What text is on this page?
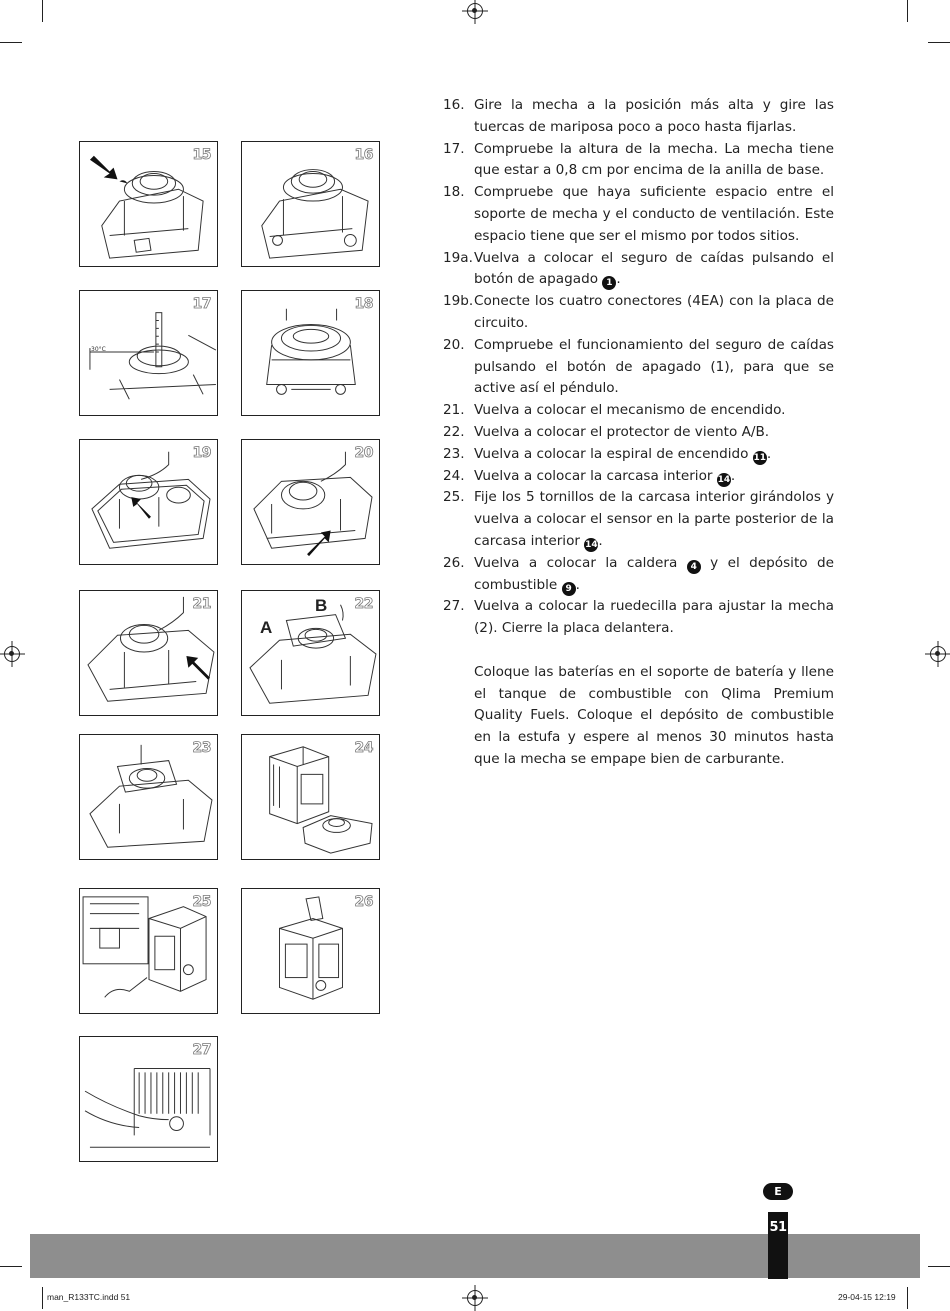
15	16
17
30°C
18
19	20
21	22
A
B
23	24
25	26
27
16. Gire la mecha a la posición más alta y gire las tuercas de mariposa poco a poco hasta fijarlas.
17. Compruebe la altura de la mecha. La mecha tiene que estar a 0,8 cm por encima de la anilla de base.
18. Compruebe que haya suficiente espacio entre el soporte de mecha y el conducto de ventilación. Este espacio tiene que ser el mismo por todos sitios.
19a. Vuelva a colocar el seguro de caídas pulsando el botón de apagado 1 .
19b. Conecte los cuatro conectores (4EA) con la placa de circuito.
20. Compruebe el funcionamiento del seguro de caídas pulsando el botón de apagado (1), para que se active así el péndulo.
21. Vuelva a colocar el mecanismo de encendido.
22. Vuelva a colocar el protector de viento A/B.
23. Vuelva a colocar la espiral de encendido 11.
24. Vuelva a colocar la carcasa interior 14.
25. Fije los 5 tornillos de la carcasa interior girándolos y vuelva a colocar el sensor en la parte posterior de la carcasa interior 14.
26. Vuelva a colocar la caldera 4 y el depósito de combustible 9 .
27. Vuelva a colocar la ruedecilla para ajustar la mecha (2). Cierre la placa delantera.
Coloque las baterías en el soporte de batería y llene el tanque de combustible con Qlima Premium Quality Fuels. Coloque el depósito de combustible en la estufa y espere al menos 30 minutos hasta que la mecha se empape bien de carburante.
E
51
man_R133TC.indd 51	29-04-15 12:19
